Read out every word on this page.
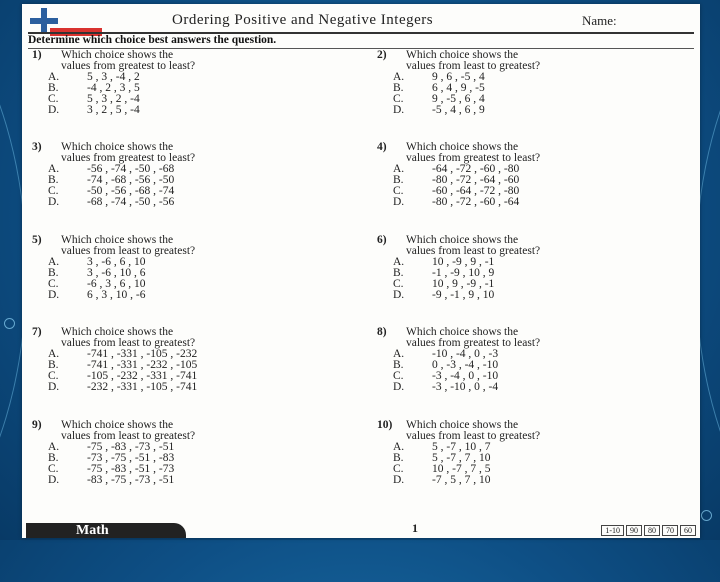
Ordering Positive and Negative Integers	Name:
Determine which choice best answers the question.
1)	Which choice shows the
values from greatest to least?
A.	5 , 3 , -4 , 2
B.	-4 , 2 , 3 , 5
C.	5 , 3 , 2 , -4
D.	3 , 2 , 5 , -4
2)	Which choice shows the
values from least to greatest?
A.	9 , 6 , -5 , 4
B.	6 , 4 , 9 , -5
C.	9 , -5 , 6 , 4
D.	-5 , 4 , 6 , 9
3)	Which choice shows the
values from greatest to least?
A.	-56 , -74 , -50 , -68
B.	-74 , -68 , -56 , -50
C.	-50 , -56 , -68 , -74
D.	-68 , -74 , -50 , -56
4)	Which choice shows the
values from greatest to least?
A.	-64 , -72 , -60 , -80
B.	-80 , -72 , -64 , -60
C.	-60 , -64 , -72 , -80
D.	-80 , -72 , -60 , -64
5)	Which choice shows the
values from least to greatest?
A.	3 , -6 , 6 , 10
B.	3 , -6 , 10 , 6
C.	-6 , 3 , 6 , 10
D.	6 , 3 , 10 , -6
6)	Which choice shows the
values from least to greatest?
A.	10 , -9 , 9 , -1
B.	-1 , -9 , 10 , 9
C.	10 , 9 , -9 , -1
D.	-9 , -1 , 9 , 10
7)	Which choice shows the
values from least to greatest?
A.	-741 , -331 , -105 , -232
B.	-741 , -331 , -232 , -105
C.	-105 , -232 , -331 , -741
D.	-232 , -331 , -105 , -741
8)	Which choice shows the
values from greatest to least?
A.	-10 , -4 , 0 , -3
B.	0 , -3 , -4 , -10
C.	-3 , -4 , 0 , -10
D.	-3 , -10 , 0 , -4
9)	Which choice shows the
values from least to greatest?
A.	-75 , -83 , -73 , -51
B.	-73 , -75 , -51 , -83
C.	-75 , -83 , -51 , -73
D.	-83 , -75 , -73 , -51
10)	Which choice shows the
values from least to greatest?
A.	5 , -7 , 10 , 7
B.	5 , -7 , 7 , 10
C.	10 , -7 , 7 , 5
D.	-7 , 5 , 7 , 10
Math	1	1-10	90	80	70	60
